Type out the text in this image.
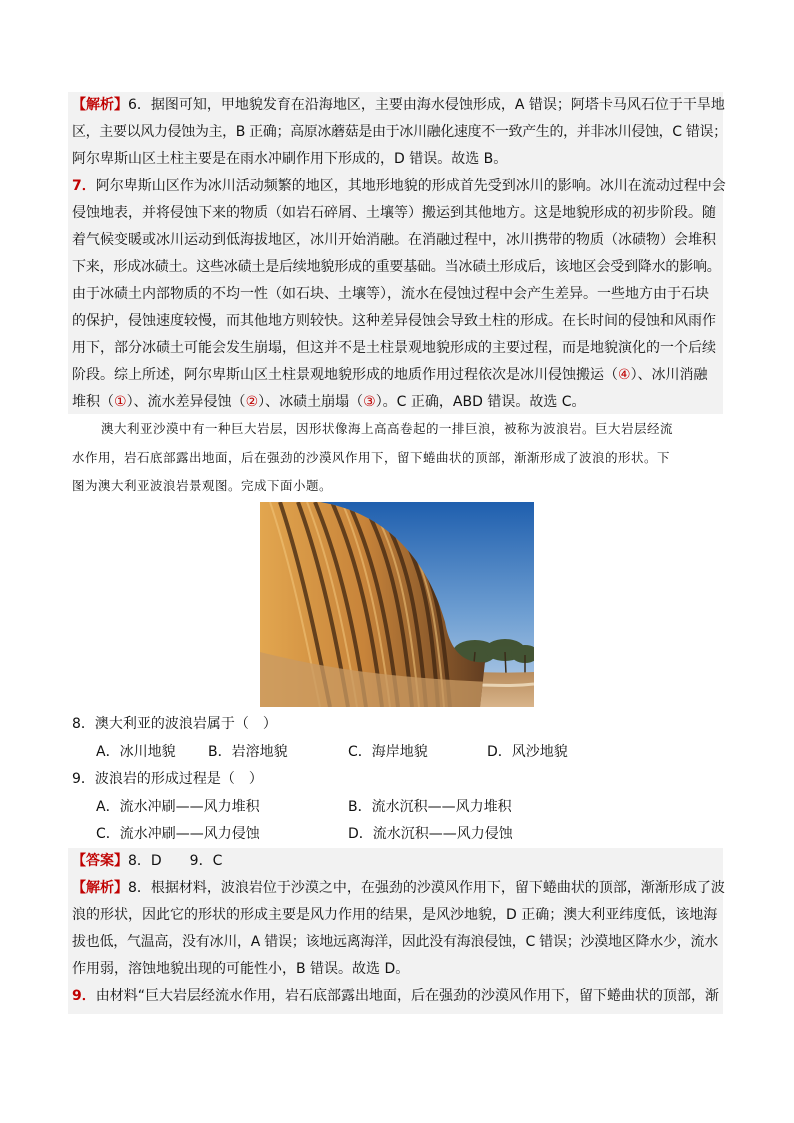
【解析】6．据图可知，甲地貌发育在沿海地区，主要由海水侵蚀形成，A 错误；阿塔卡马风石位于干旱地
区，主要以风力侵蚀为主，B 正确；高原冰蘑菇是由于冰川融化速度不一致产生的，并非冰川侵蚀，C 错误；
阿尔卑斯山区土柱主要是在雨水冲刷作用下形成的，D 错误。故选 B。
7．阿尔卑斯山区作为冰川活动频繁的地区，其地形地貌的形成首先受到冰川的影响。冰川在流动过程中会
侵蚀地表，并将侵蚀下来的物质（如岩石碎屑、土壤等）搬运到其他地方。这是地貌形成的初步阶段。随
着气候变暖或冰川运动到低海拔地区，冰川开始消融。在消融过程中，冰川携带的物质（冰碛物）会堆积
下来，形成冰碛土。这些冰碛土是后续地貌形成的重要基础。当冰碛土形成后，该地区会受到降水的影响。
由于冰碛土内部物质的不均一性（如石块、土壤等），流水在侵蚀过程中会产生差异。一些地方由于石块
的保护，侵蚀速度较慢，而其他地方则较快。这种差异侵蚀会导致土柱的形成。在长时间的侵蚀和风雨作
用下，部分冰碛土可能会发生崩塌，但这并不是土柱景观地貌形成的主要过程，而是地貌演化的一个后续
阶段。综上所述，阿尔卑斯山区土柱景观地貌形成的地质作用过程依次是冰川侵蚀搬运（④）、冰川消融
堆积（①）、流水差异侵蚀（②）、冰碛土崩塌（③）。C 正确，ABD 错误。故选 C。
澳大利亚沙漠中有一种巨大岩层，因形状像海上高高卷起的一排巨浪，被称为波浪岩。巨大岩层经流
水作用，岩石底部露出地面，后在强劲的沙漠风作用下，留下蜷曲状的顶部，渐渐形成了波浪的形状。下
图为澳大利亚波浪岩景观图。完成下面小题。
8．澳大利亚的波浪岩属于（　）
A．冰川地貌 B．岩溶地貌	C．海岸地貌	D．风沙地貌
9．波浪岩的形成过程是（　）
A．流水冲刷——风力堆积	B．流水沉积——风力堆积
C．流水冲刷——风力侵蚀	D．流水沉积——风力侵蚀
【答案】8．D　　9．C
【解析】8．根据材料，波浪岩位于沙漠之中，在强劲的沙漠风作用下，留下蜷曲状的顶部，渐渐形成了波
浪的形状，因此它的形状的形成主要是风力作用的结果，是风沙地貌，D 正确；澳大利亚纬度低，该地海
拔也低，气温高，没有冰川，A 错误；该地远离海洋，因此没有海浪侵蚀，C 错误；沙漠地区降水少，流水
作用弱，溶蚀地貌出现的可能性小，B 错误。故选 D。
9．由材料“巨大岩层经流水作用，岩石底部露出地面，后在强劲的沙漠风作用下，留下蜷曲状的顶部，渐
